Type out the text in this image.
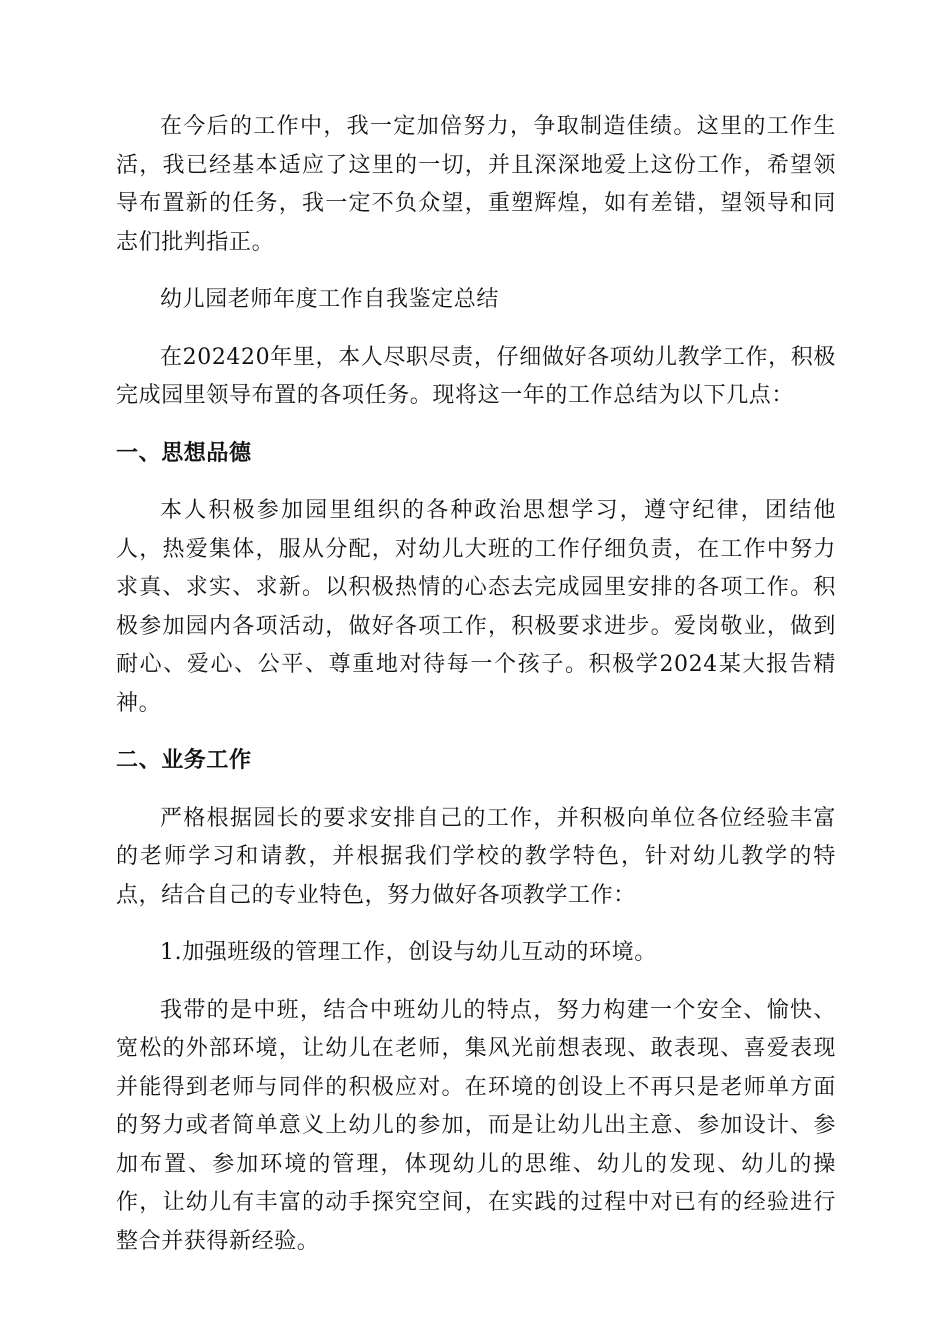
在今后的工作中，我一定加倍努力，争取制造佳绩。这里的工作生活，我已经基本适应了这里的一切，并且深深地爱上这份工作，希望领导布置新的任务，我一定不负众望，重塑辉煌，如有差错，望领导和同志们批判指正。

幼儿园老师年度工作自我鉴定总结

在202420年里，本人尽职尽责，仔细做好各项幼儿教学工作，积极完成园里领导布置的各项任务。现将这一年的工作总结为以下几点：

一、思想品德

本人积极参加园里组织的各种政治思想学习，遵守纪律，团结他人，热爱集体，服从分配，对幼儿大班的工作仔细负责，在工作中努力求真、求实、求新。以积极热情的心态去完成园里安排的各项工作。积极参加园内各项活动，做好各项工作，积极要求进步。爱岗敬业，做到耐心、爱心、公平、尊重地对待每一个孩子。积极学2024某大报告精神。

二、业务工作

严格根据园长的要求安排自己的工作，并积极向单位各位经验丰富的老师学习和请教，并根据我们学校的教学特色，针对幼儿教学的特点，结合自己的专业特色，努力做好各项教学工作：

1.加强班级的管理工作，创设与幼儿互动的环境。

我带的是中班，结合中班幼儿的特点，努力构建一个安全、愉快、宽松的外部环境，让幼儿在老师，集风光前想表现、敢表现、喜爱表现并能得到老师与同伴的积极应对。在环境的创设上不再只是老师单方面的努力或者简单意义上幼儿的参加，而是让幼儿出主意、参加设计、参加布置、参加环境的管理，体现幼儿的思维、幼儿的发现、幼儿的操作，让幼儿有丰富的动手探究空间，在实践的过程中对已有的经验进行整合并获得新经验。
